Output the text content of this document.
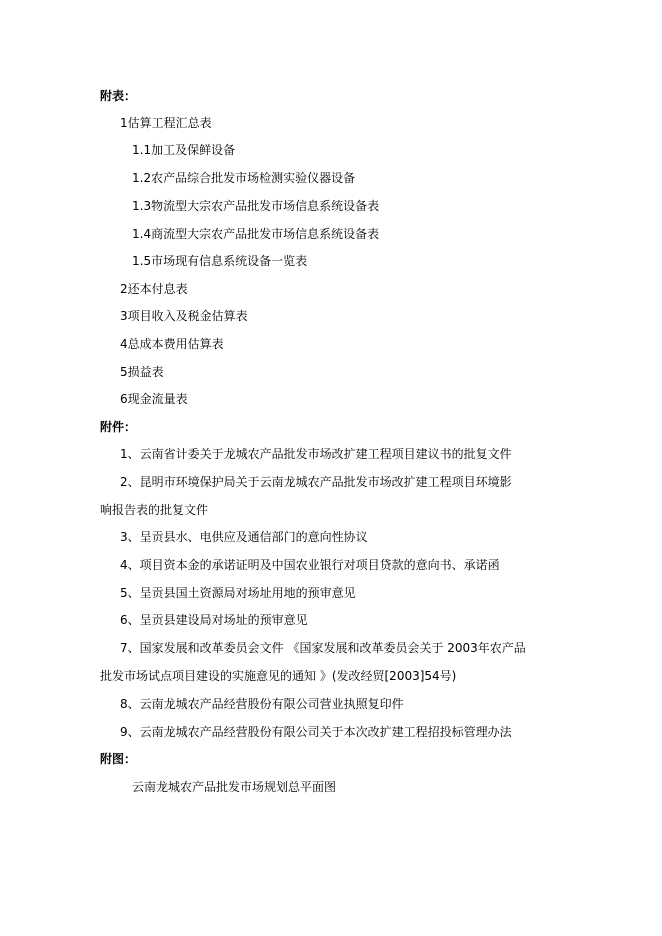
附表：
1估算工程汇总表
1.1加工及保鲜设备
1.2农产品综合批发市场检测实验仪器设备
1.3物流型大宗农产品批发市场信息系统设备表
1.4商流型大宗农产品批发市场信息系统设备表
1.5市场现有信息系统设备一览表
2还本付息表
3项目收入及税金估算表
4总成本费用估算表
5损益表
6现金流量表
附件：
1、云南省计委关于龙城农产品批发市场改扩建工程项目建议书的批复文件
2、昆明市环境保护局关于云南龙城农产品批发市场改扩建工程项目环境影
响报告表的批复文件
3、呈贡县水、电供应及通信部门的意向性协议
4、项目资本金的承诺证明及中国农业银行对项目贷款的意向书、承诺函
5、呈贡县国土资源局对场址用地的预审意见
6、呈贡县建设局对场址的预审意见
7、国家发展和改革委员会文件 《国家发展和改革委员会关于 2003年农产品
批发市场试点项目建设的实施意见的通知 》(发改经贸[2003]54号)
8、云南龙城农产品经营股份有限公司营业执照复印件
9、云南龙城农产品经营股份有限公司关于本次改扩建工程招投标管理办法
附图：
云南龙城农产品批发市场规划总平面图
